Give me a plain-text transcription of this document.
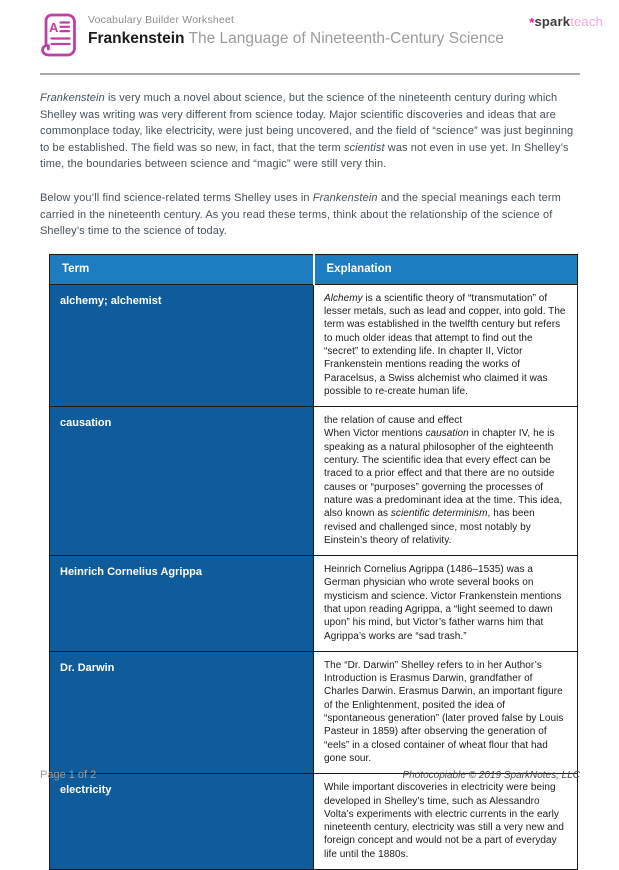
A	Vocabulary Builder Worksheet
Frankenstein The Language of Nineteenth-Century Science
*sparkteach

Frankenstein is very much a novel about science, but the science of the nineteenth century during which Shelley was writing was very different from science today. Major scientific discoveries and ideas that are commonplace today, like electricity, were just being uncovered, and the field of “science” was just beginning to be established. The field was so new, in fact, that the term scientist was not even in use yet. In Shelley’s time, the boundaries between science and “magic” were still very thin.

Below you’ll find science-related terms Shelley uses in Frankenstein and the special meanings each term carried in the nineteenth century. As you read these terms, think about the relationship of the science of Shelley’s time to the science of today.

Term	Explanation
alchemy; alchemist	Alchemy is a scientific theory of “transmutation” of lesser metals, such as lead and copper, into gold. The term was established in the twelfth century but refers to much older ideas that attempt to find out the “secret” to extending life. In chapter II, Victor Frankenstein mentions reading the works of Paracelsus, a Swiss alchemist who claimed it was possible to re-create human life.
causation	the relation of cause and effect
When Victor mentions causation in chapter IV, he is speaking as a natural philosopher of the eighteenth century. The scientific idea that every effect can be traced to a prior effect and that there are no outside causes or “purposes” governing the processes of nature was a predominant idea at the time. This idea, also known as scientific determinism, has been revised and challenged since, most notably by Einstein’s theory of relativity.
Heinrich Cornelius Agrippa	Heinrich Cornelius Agrippa (1486–1535) was a German physician who wrote several books on mysticism and science. Victor Frankenstein mentions that upon reading Agrippa, a “light seemed to dawn upon” his mind, but Victor’s father warns him that Agrippa’s works are “sad trash.”
Dr. Darwin	The “Dr. Darwin” Shelley refers to in her Author’s Introduction is Erasmus Darwin, grandfather of Charles Darwin. Erasmus Darwin, an important figure of the Enlightenment, posited the idea of “spontaneous generation” (later proved false by Louis Pasteur in 1859) after observing the generation of “eels” in a closed container of wheat flour that had gone sour.
electricity	While important discoveries in electricity were being developed in Shelley’s time, such as Alessandro Volta’s experiments with electric currents in the early nineteenth century, electricity was still a very new and foreign concept and would not be a part of everyday life until the 1880s.
Page 1 of 2	Photocopiable © 2019 SparkNotes, LLC
